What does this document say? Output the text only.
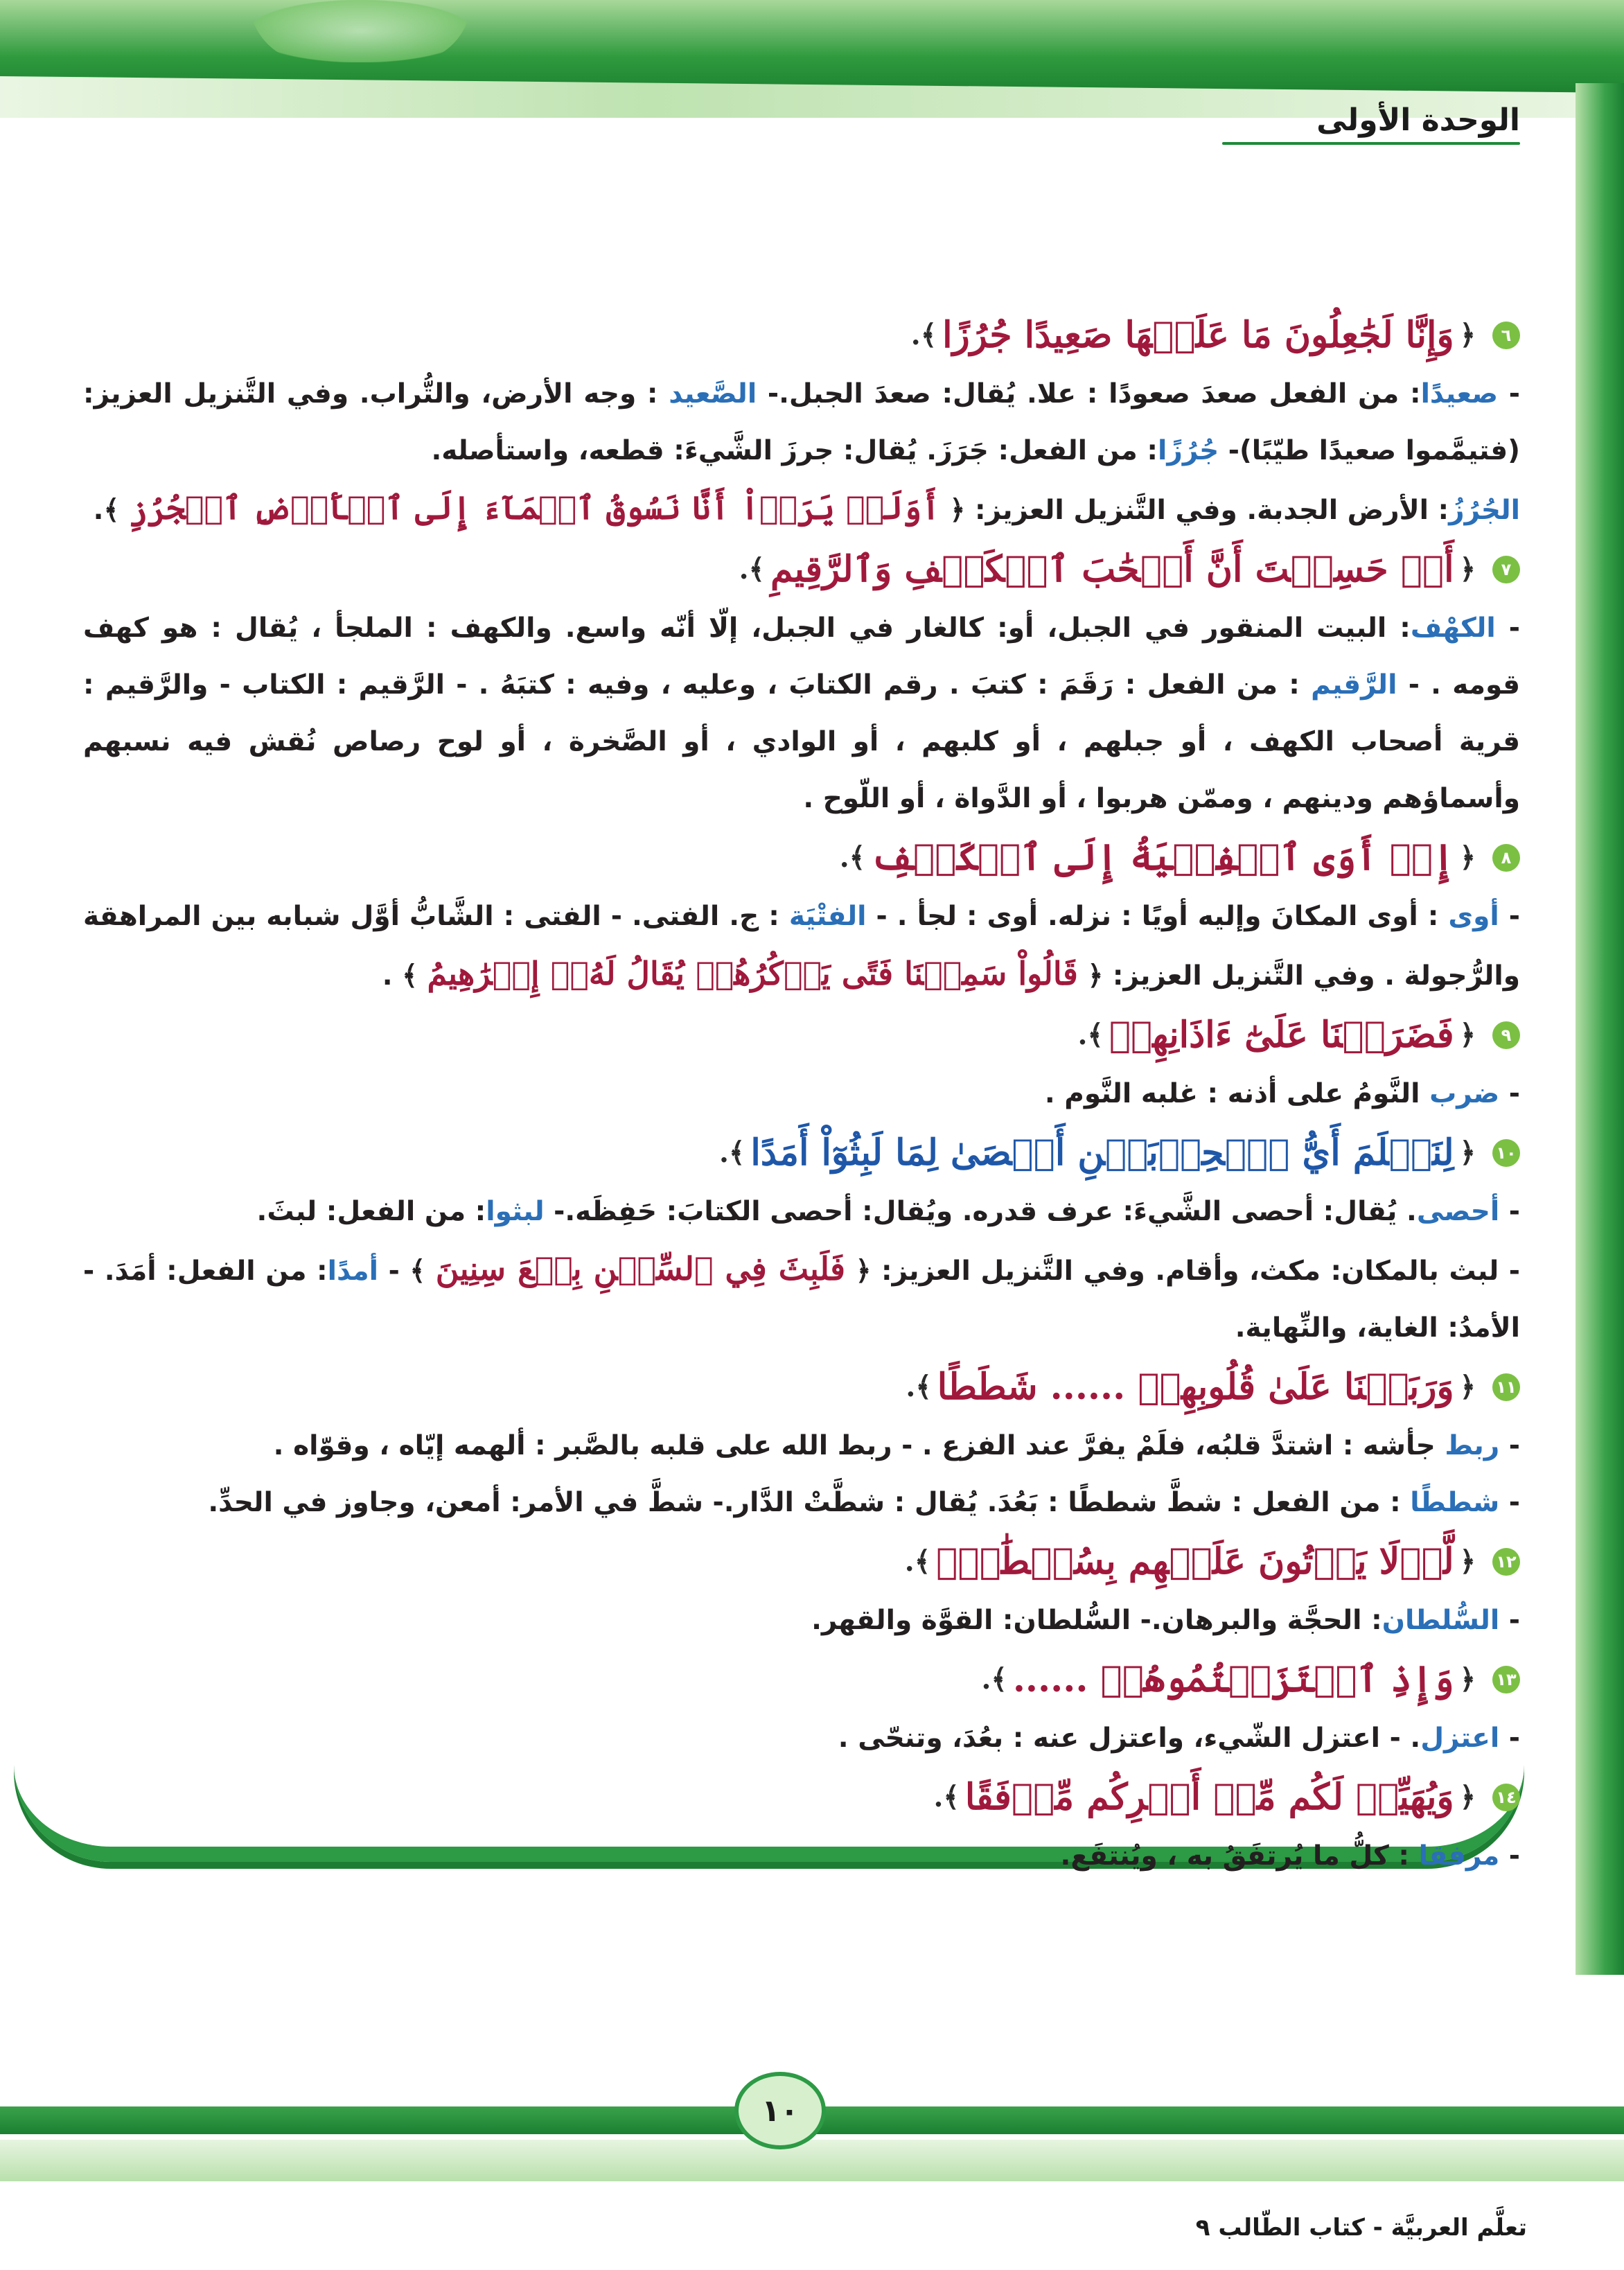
الوحدة الأولى
٦
﴿
وَإِنَّا لَجَٰعِلُونَ مَا عَلَيۡهَا صَعِيدًا جُرُزًا
﴾.

- صعيدًا: من الفعل صعدَ صعودًا : علا. يُقال: صعدَ الجبل.- الصَّعيد : وجه الأرض، والتُّراب. وفي التَّنزيل العزيز: (فتيمَّموا صعيدًا طيّبًا)- جُرُزًا: من الفعل: جَرَزَ. يُقال: جرزَ الشَّيءَ: قطعه، واستأصله.

الجُرُزُ: الأرض الجدبة. وفي التَّنزيل العزيز: ﴿ أَوَلَمۡ يَرَوۡاْ أَنَّا نَسُوقُ ٱلۡمَآءَ إِلَى ٱلۡأَرۡضِ ٱلۡجُرُزِ ﴾.

٧
﴿
أَمۡ حَسِبۡتَ أَنَّ أَصۡحَٰبَ ٱلۡكَهۡفِ وَٱلرَّقِيمِ
﴾.

- الكهْف: البيت المنقور في الجبل، أو: كالغار في الجبل، إلّا أنّه واسع. والكهف : الملجأ ، يُقال : هو كهف قومه . - الرَّقيم : من الفعل : رَقَمَ : كتبَ . رقم الكتابَ ، وعليه ، وفيه : كتبَهُ . - الرَّقيم : الكتاب - والرَّقيم : قرية أصحاب الكهف ، أو جبلهم ، أو كلبهم ، أو الوادي ، أو الصَّخرة ، أو لوح رصاص نُقش فيه نسبهم وأسماؤهم ودينهم ، وممّن هربوا ، أو الدَّواة ، أو اللّوح .

٨
﴿
إِذۡ أَوَى ٱلۡفِتۡيَةُ إِلَى ٱلۡكَهۡفِ
﴾.

- أوى : أوى المكانَ وإليه أويًا : نزله. أوى : لجأ . - الفتْيَة : ج. الفتى. - الفتى : الشَّابُّ أوَّل شبابه بين المراهقة والرُّجولة . وفي التَّنزيل العزيز: ﴿ قَالُواْ سَمِعۡنَا فَتًى يَذۡكُرُهُمۡ يُقَالُ لَهُۥٓ إِبۡرَٰهِيمُ ﴾ .

٩
﴿
فَضَرَبۡنَا عَلَىٰٓ ءَاذَانِهِمۡ
﴾.

- ضرب النَّومُ على أذنه : غلبه النَّوم .

١٠
﴿
لِنَعۡلَمَ أَيُّ ٱلۡحِزۡبَيۡنِ أَحۡصَىٰ لِمَا لَبِثُوٓاْ أَمَدًا
﴾.

- أحصى. يُقال: أحصى الشَّيءَ: عرف قدره. ويُقال: أحصى الكتابَ: حَفِظَه.- لبثوا: من الفعل: لبثَ.

- لبث بالمكان: مكث، وأقام. وفي التَّنزيل العزيز: ﴿ فَلَبِثَ فِي ٱلسِّجۡنِ بِضۡعَ سِنِينَ ﴾ - أمدًا: من الفعل: أمَدَ. - الأمدُ: الغاية، والنِّهاية.

١١
﴿
وَرَبَطۡنَا عَلَىٰ قُلُوبِهِمۡ ...... شَطَطًا
﴾.

- ربط جأشه : اشتدَّ قلبُه، فلَمْ يفرَّ عند الفزع . - ربط الله على قلبه بالصَّبر : ألهمه إيّاه ، وقوّاه .

- شططًا : من الفعل : شطَّ شططًا : بَعُدَ. يُقال : شطَّتْ الدَّار.- شطَّ في الأمر: أمعن، وجاوز في الحدِّ.

١٢
﴿
لَّوۡلَا يَأۡتُونَ عَلَيۡهِم بِسُلۡطَٰنِۭ
﴾.

- السُّلطان: الحجَّة والبرهان.- السُّلطان: القوَّة والقهر.

١٣
﴿
وَإِذِ ٱعۡتَزَلۡتُمُوهُمۡ ......
﴾.

- اعتزل. - اعتزل الشّيء، واعتزل عنه : بعُدَ، وتنحّى .

١٤
﴿
وَيُهَيِّئۡ لَكُم مِّنۡ أَمۡرِكُم مِّرۡفَقًا
﴾.

- مرفقا : كلُّ ما يُرتفَقُ به ، ويُنتفَع.

١٠
تعلَّم العربيَّة - كتاب الطّالب ٩
